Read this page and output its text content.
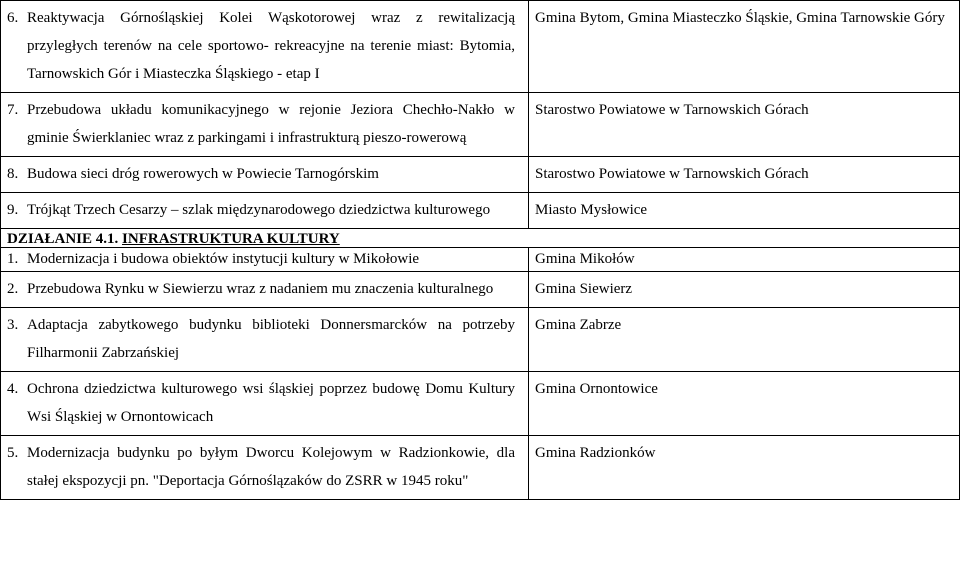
6. Reaktywacja Górnośląskiej Kolei Wąskotorowej wraz z rewitalizacją przyległych terenów na cele sportowo- rekreacyjne na terenie miast: Bytomia, Tarnowskich Gór i Miasteczka Śląskiego - etap I	Gmina Bytom, Gmina Miasteczko Śląskie, Gmina Tarnowskie Góry
7. Przebudowa układu komunikacyjnego w rejonie Jeziora Chechło-Nakło w gminie Świerklaniec wraz z parkingami i infrastrukturą pieszo-rowerową	Starostwo Powiatowe w Tarnowskich Górach
8. Budowa sieci dróg rowerowych w Powiecie Tarnogórskim	Starostwo Powiatowe w Tarnowskich Górach
9. Trójkąt Trzech Cesarzy – szlak międzynarodowego dziedzictwa kulturowego	Miasto Mysłowice
DZIAŁANIE 4.1. INFRASTRUKTURA KULTURY	
1. Modernizacja i budowa obiektów instytucji kultury w Mikołowie	Gmina Mikołów
2. Przebudowa Rynku w Siewierzu wraz z nadaniem mu znaczenia kulturalnego	Gmina Siewierz
3. Adaptacja zabytkowego budynku biblioteki Donnersmarcków na potrzeby Filharmonii Zabrzańskiej	Gmina Zabrze
4. Ochrona dziedzictwa kulturowego wsi śląskiej poprzez budowę Domu Kultury Wsi Śląskiej w Ornontowicach	Gmina Ornontowice
5. Modernizacja budynku po byłym Dworcu Kolejowym w Radzionkowie, dla stałej ekspozycji pn. "Deportacja Górnoślązaków do ZSRR w 1945 roku"	Gmina Radzionków
